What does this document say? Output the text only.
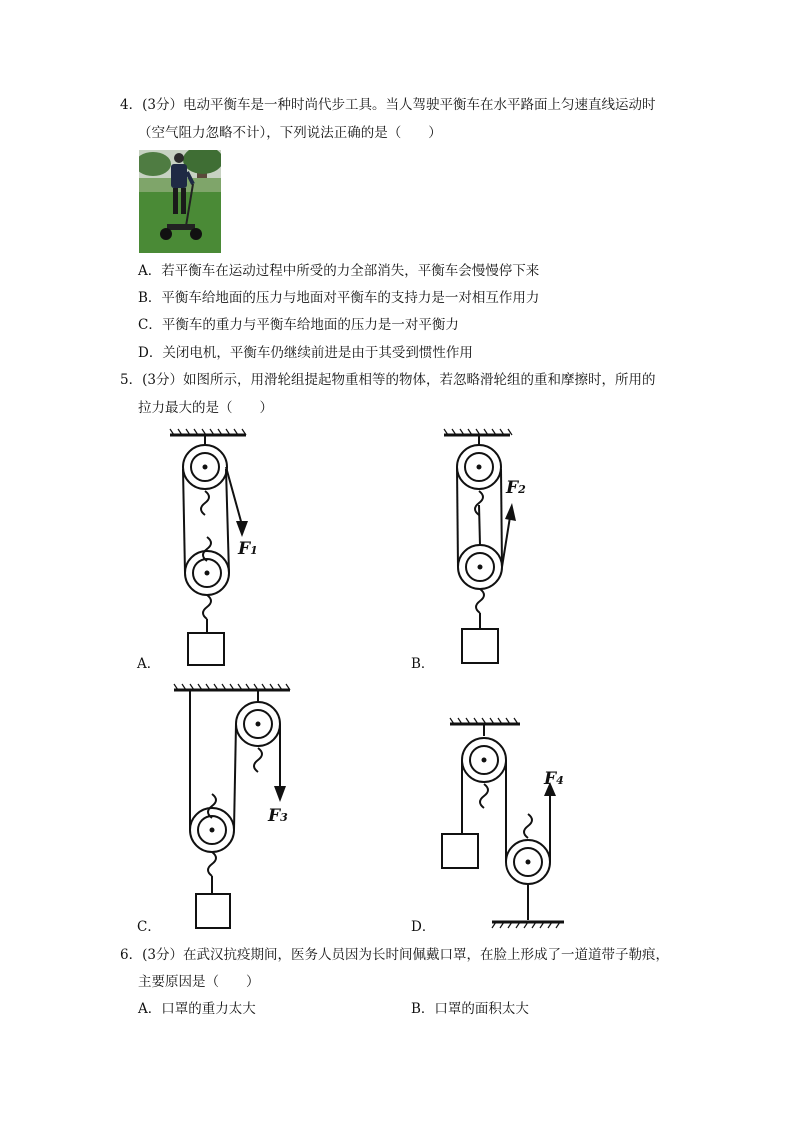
4．(3分）电动平衡车是一种时尚代步工具。当人驾驶平衡车在水平路面上匀速直线运动时
（空气阻力忽略不计），下列说法正确的是（　　）
A．若平衡车在运动过程中所受的力全部消失，平衡车会慢慢停下来
B．平衡车给地面的压力与地面对平衡车的支持力是一对相互作用力
C．平衡车的重力与平衡车给地面的压力是一对平衡力
D．关闭电机，平衡车仍继续前进是由于其受到惯性作用
5．(3分）如图所示，用滑轮组提起物重相等的物体，若忽略滑轮组的重和摩擦时，所用的
拉力最大的是（　　）
F1
A．
F2
B．
F3
C．
F4
D．
6．(3分）在武汉抗疫期间，医务人员因为长时间佩戴口罩，在脸上形成了一道道带子勒痕，
主要原因是（　　）
A．口罩的重力太大	B．口罩的面积太大
